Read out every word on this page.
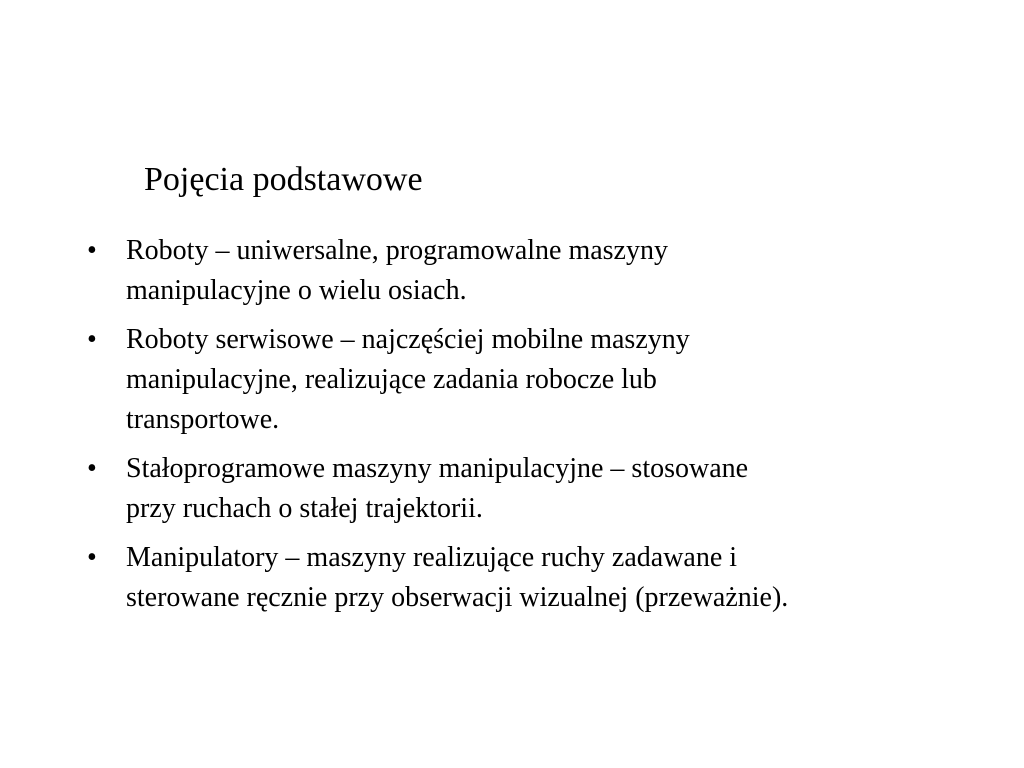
Pojęcia podstawowe
•	Roboty – uniwersalne, programowalne maszyny
manipulacyjne o wielu osiach.
•	Roboty serwisowe – najczęściej mobilne maszyny
manipulacyjne, realizujące zadania robocze lub
transportowe.
•	Stałoprogramowe maszyny manipulacyjne – stosowane
przy ruchach o stałej trajektorii.
•	Manipulatory – maszyny realizujące ruchy zadawane i
sterowane ręcznie przy obserwacji wizualnej (przeważnie).
